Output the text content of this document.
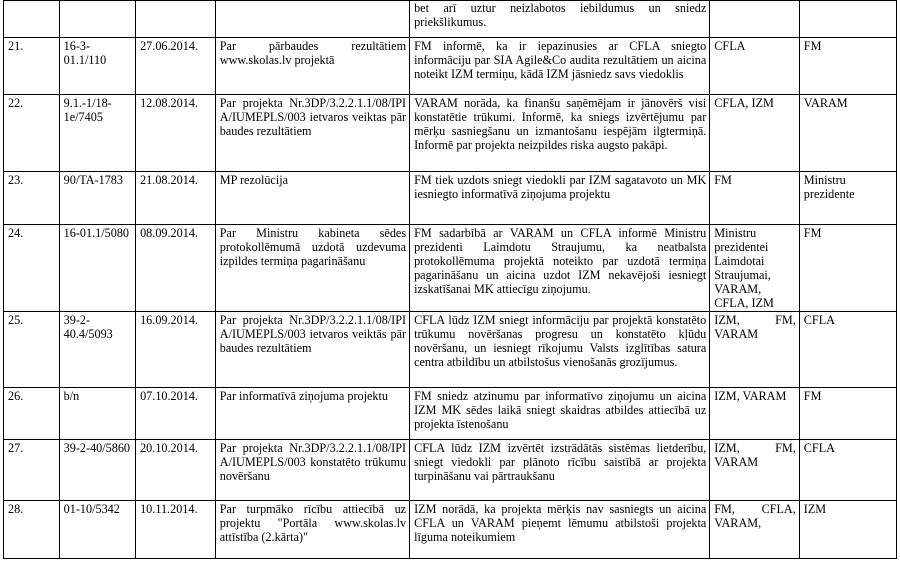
				bet arī uztur neizlabotos iebildumus un sniedz priekšlikumus.		
21.	16-3-01.1/110	27.06.2014.	Par pārbaudes rezultātiem www.skolas.lv projektā	FM informē, ka ir iepazinusies ar CFLA sniegto informāciju par SIA Agile&Co audita rezultātiem un aicina noteikt IZM termiņu, kādā IZM jāsniedz savs viedoklis	CFLA	FM
22.	9.1.-1/18-1e/7405	12.08.2014.	Par projekta Nr.3DP/3.2.2.1.1/08/IPIA/IUMEPLS/003 ietvaros veiktas pārbaudes rezultātiem	VARAM norāda, ka finanšu saņēmējam ir jānovērš visi konstatētie trūkumi. Informē, ka sniegs izvērtējumu par mērķu sasniegšanu un izmantošanu iespējām ilgtermiņā. Informē par projekta neizpildes riska augsto pakāpi.	CFLA, IZM	VARAM
23.	90/TA-1783	21.08.2014.	MP rezolūcija	FM tiek uzdots sniegt viedokli par IZM sagatavoto un MK iesniegto informatīvā ziņojuma projektu	FM	Ministru prezidente
24.	16-01.1/5080	08.09.2014.	Par Ministru kabineta sēdes protokollēmumā uzdotā uzdevuma izpildes termiņa pagarināšanu	FM sadarbībā ar VARAM un CFLA informē Ministru prezidenti Laimdotu Straujumu, ka neatbalsta protokollēmuma projektā noteikto par uzdotā termiņa pagarināšanu un aicina uzdot IZM nekavējoši iesniegt izskatīšanai MK attiecīgu ziņojumu.	Ministru prezidentei Laimdotai Straujumai, VARAM, CFLA, IZM	FM
25.	39-2-40.4/5093	16.09.2014.	Par projekta Nr.3DP/3.2.2.1.1/08/IPIA/IUMEPLS/003 ietvaros veiktās pārbaudes rezultātiem	CFLA lūdz IZM sniegt informāciju par projektā konstatēto trūkumu novēršanas progresu un konstatēto kļūdu novēršanu, un iesniegt rīkojumu Valsts izglītības satura centra atbildību un atbilstošus vienošanās grozījumus.	IZM, FM, VARAM	CFLA
26.	b/n	07.10.2014.	Par informatīvā ziņojuma projektu	FM sniedz atzinumu par informatīvo ziņojumu un aicina IZM MK sēdes laikā sniegt skaidras atbildes attiecībā uz projekta īstenošanu	IZM, VARAM	FM
27.	39-2-40/5860	20.10.2014.	Par projekta Nr.3DP/3.2.2.1.1/08/IPIA/IUMEPLS/003 konstatēto trūkumu novēršanu	CFLA lūdz IZM izvērtēt izstrādātās sistēmas lietderību, sniegt viedokli par plānoto rīcību saistībā ar projekta turpināšanu vai pārtraukšanu	IZM, FM, VARAM	CFLA
28.	01-10/5342	10.11.2014.	Par turpmāko rīcību attiecībā uz projektu "Portāla www.skolas.lv attīstība (2.kārta)"	IZM norādā, ka projekta mērķis nav sasniegts un aicina CFLA un VARAM pieņemt lēmumu atbilstoši projekta līguma noteikumiem	FM, CFLA, VARAM,	IZM
